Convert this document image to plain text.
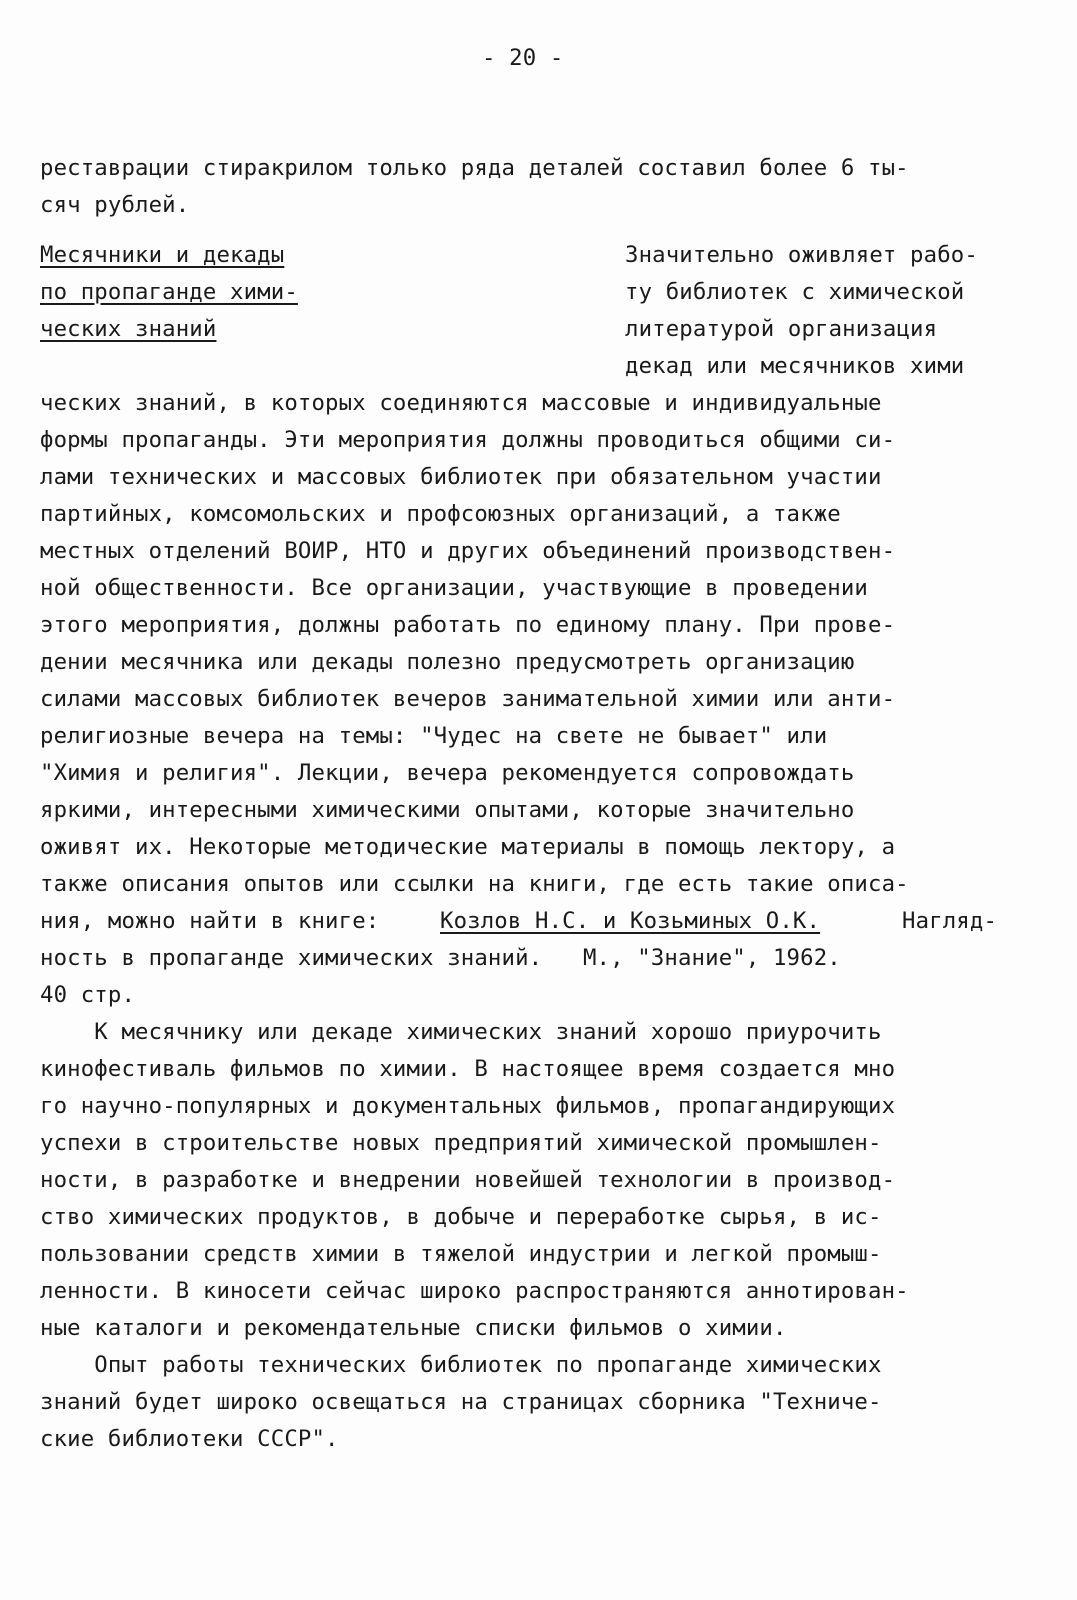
- 20 -
реставрации стиракрилом только ряда деталей составил более 6 ты-
сяч рублей.
Месячники и декады
по пропаганде хими-
ческих знаний
Значительно оживляет рабо-
ту библиотек с химической
литературой организация
декад или месячников хими
ческих знаний, в которых соединяются массовые и индивидуальные
формы пропаганды. Эти мероприятия должны проводиться общими си-
лами технических и массовых библиотек при обязательном участии
партийных, комсомольских и профсоюзных организаций, а также
местных отделений ВОИР, НТО и других объединений производствен-
ной общественности. Все организации, участвующие в проведении
этого мероприятия, должны работать по единому плану. При прове-
дении месячника или декады полезно предусмотреть организацию
силами массовых библиотек вечеров занимательной химии или анти-
религиозные вечера на темы: "Чудес на свете не бывает" или
"Химия и религия". Лекции, вечера рекомендуется сопровождать
яркими, интересными химическими опытами, которые значительно
оживят их. Некоторые методические материалы в помощь лектору, а
также описания опытов или ссылки на книги, где есть такие описа-
ния, можно найти в книге:	Козлов Н.С. и Козьминых О.К.	Нагляд-
ность в пропаганде химических знаний.   М., "Знание", 1962.
40 стр.
К месячнику или декаде химических знаний хорошо приурочить
кинофестиваль фильмов по химии. В настоящее время создается мно
го научно-популярных и документальных фильмов, пропагандирующих
успехи в строительстве новых предприятий химической промышлен-
ности, в разработке и внедрении новейшей технологии в производ-
ство химических продуктов, в добыче и переработке сырья, в ис-
пользовании средств химии в тяжелой индустрии и легкой промыш-
ленности. В киносети сейчас широко распространяются аннотирован-
ные каталоги и рекомендательные списки фильмов о химии.
Опыт работы технических библиотек по пропаганде химических
знаний будет широко освещаться на страницах сборника "Техниче-
ские библиотеки СССР".
